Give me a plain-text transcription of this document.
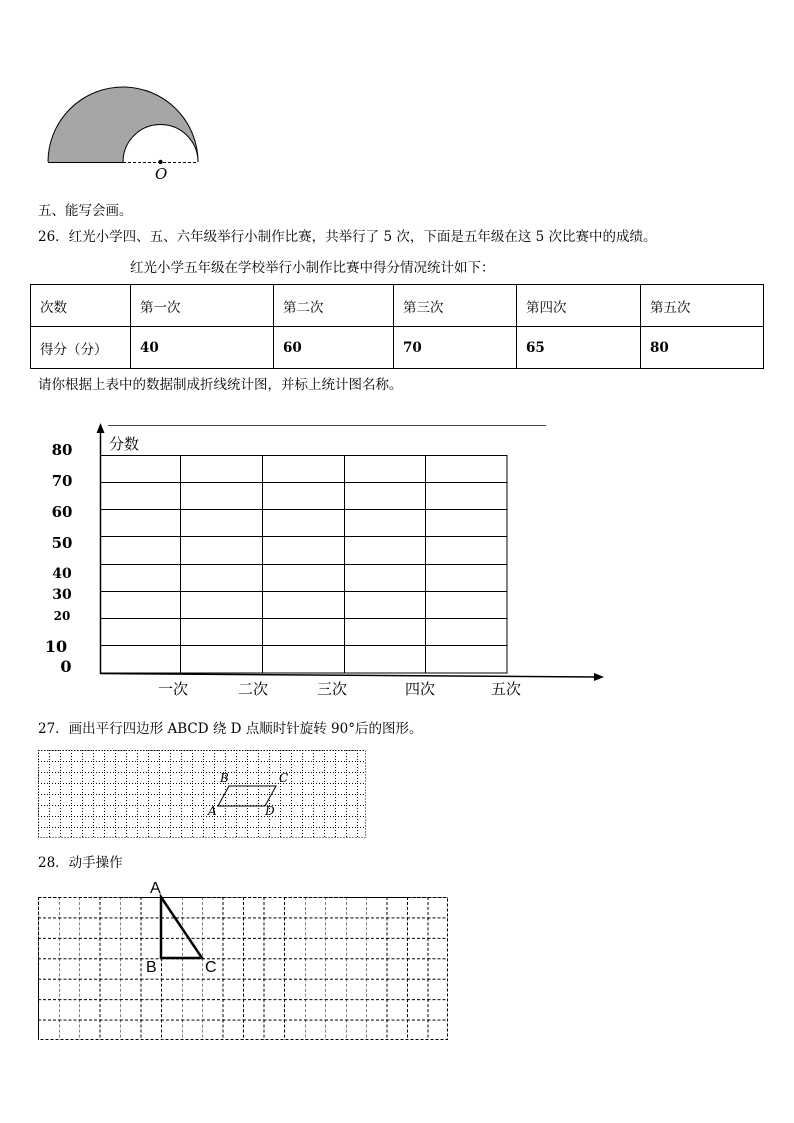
O
五、能写会画。
26．红光小学四、五、六年级举行小制作比赛，共举行了 5 次，下面是五年级在这 5 次比赛中的成绩。
红光小学五年级在学校举行小制作比赛中得分情况统计如下：
次数	第一次	第二次	第三次	第四次	第五次
得分（分）	40	60	70	65	80
请你根据上表中的数据制成折线统计图，并标上统计图名称。
分数
80
70
60
50
40
30
20
10
0
一次	二次	三次	四次	五次
27．画出平行四边形 ABCD 绕 D 点顺时针旋转 90°后的图形。
B	C
A	D
28．动手操作
A
B	C
